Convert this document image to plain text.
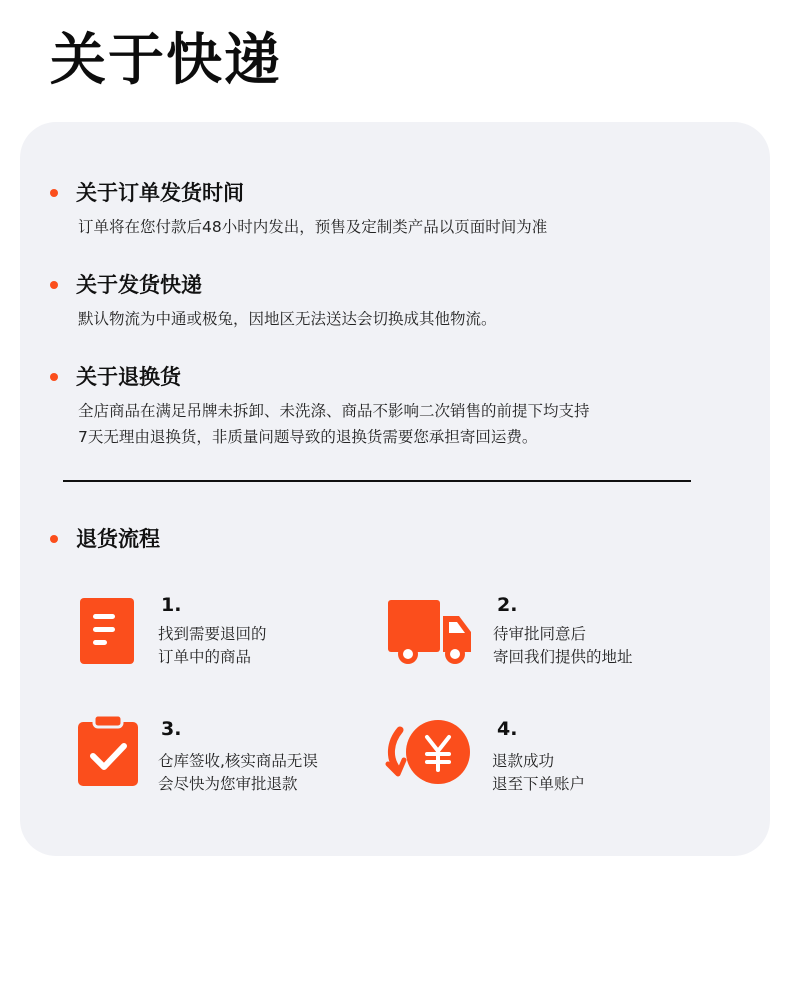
关于快递
关于订单发货时间
订单将在您付款后48小时内发出，预售及定制类产品以页面时间为准
关于发货快递
默认物流为中通或极兔，因地区无法送达会切换成其他物流。
关于退换货
全店商品在满足吊牌未拆卸、未洗涤、商品不影响二次销售的前提下均支持
7天无理由退换货，非质量问题导致的退换货需要您承担寄回运费。
退货流程
1.
找到需要退回的
订单中的商品
2.
待审批同意后
寄回我们提供的地址
3.
仓库签收,核实商品无误
会尽快为您审批退款
4.
退款成功
退至下单账户
